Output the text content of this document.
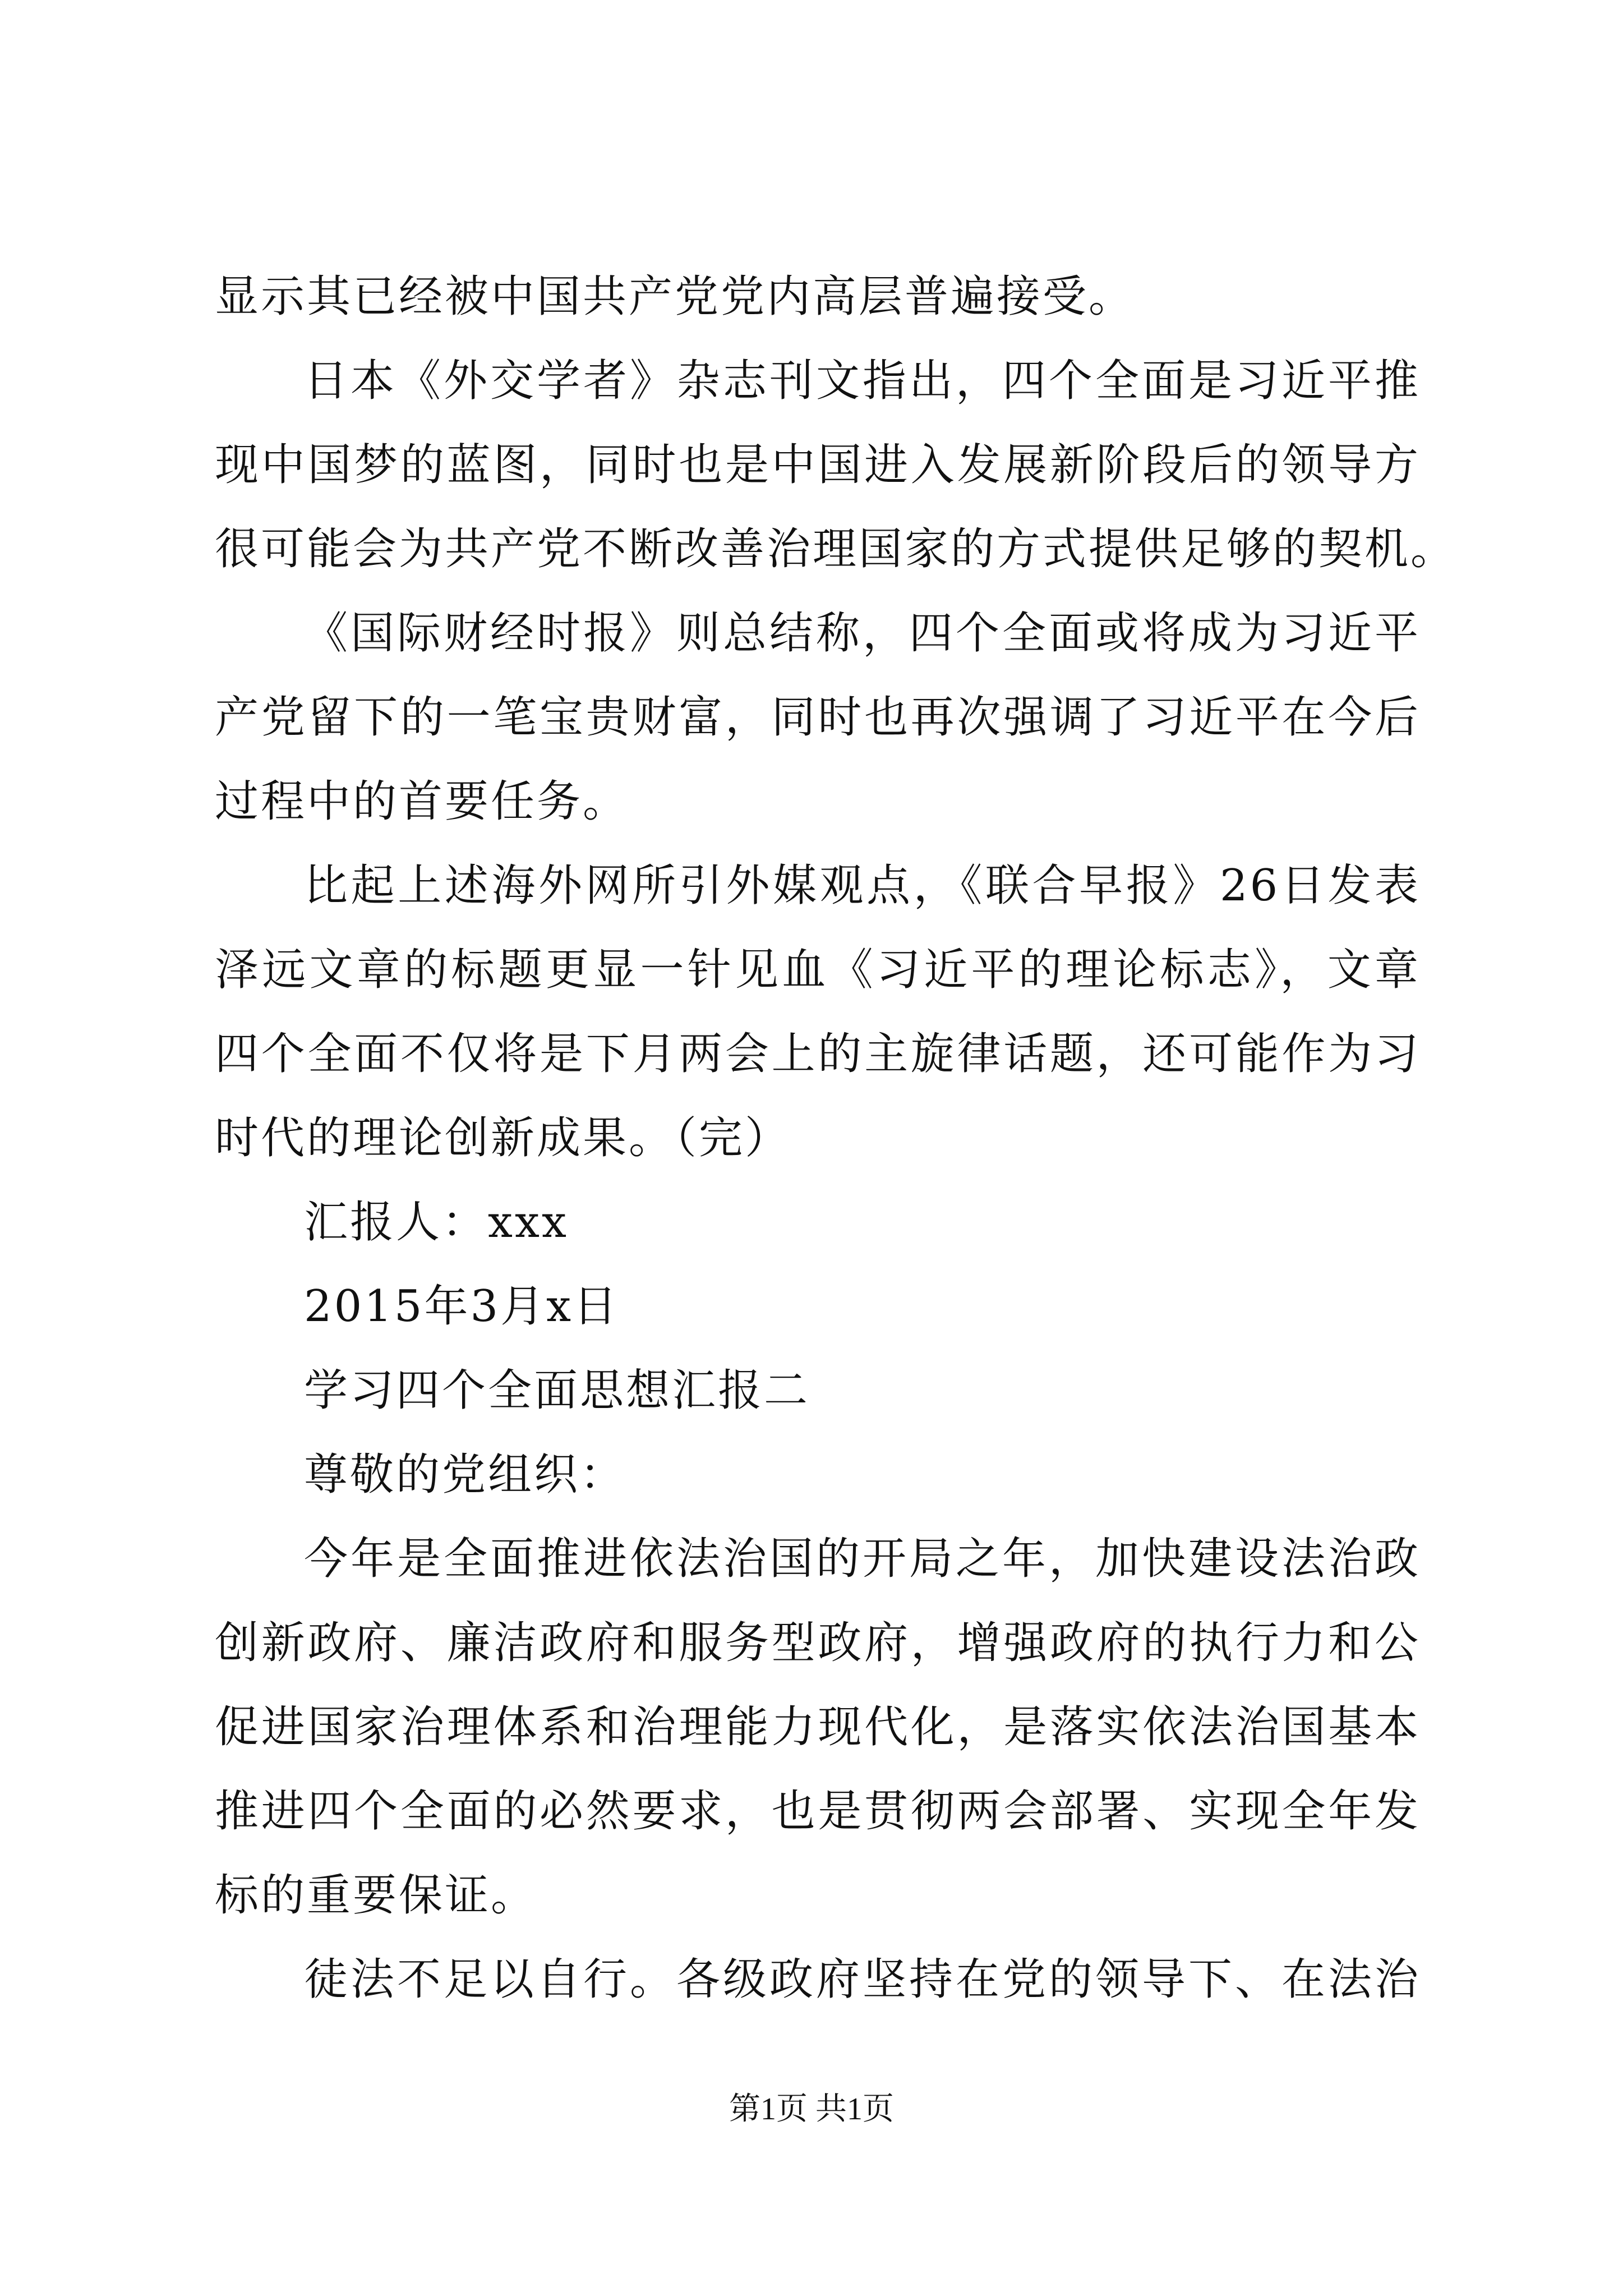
显示其已经被中国共产党党内高层普遍接受。
日本《外交学者》杂志刊文指出，四个全面是习近平推
现中国梦的蓝图，同时也是中国进入发展新阶段后的领导方
很可能会为共产党不断改善治理国家的方式提供足够的契机。
《国际财经时报》则总结称，四个全面或将成为习近平
产党留下的一笔宝贵财富，同时也再次强调了习近平在今后
过程中的首要任务。
比起上述海外网所引外媒观点，《联合早报》26日发表
泽远文章的标题更显一针见血《习近平的理论标志》，文章
四个全面不仅将是下月两会上的主旋律话题，还可能作为习
时代的理论创新成果。（完）
汇报人：xxx
2015年3月x日
学习四个全面思想汇报二
尊敬的党组织：
今年是全面推进依法治国的开局之年，加快建设法治政
创新政府、廉洁政府和服务型政府，增强政府的执行力和公
促进国家治理体系和治理能力现代化，是落实依法治国基本
推进四个全面的必然要求，也是贯彻两会部署、实现全年发
标的重要保证。
徒法不足以自行。各级政府坚持在党的领导下、在法治
第1页 共1页
